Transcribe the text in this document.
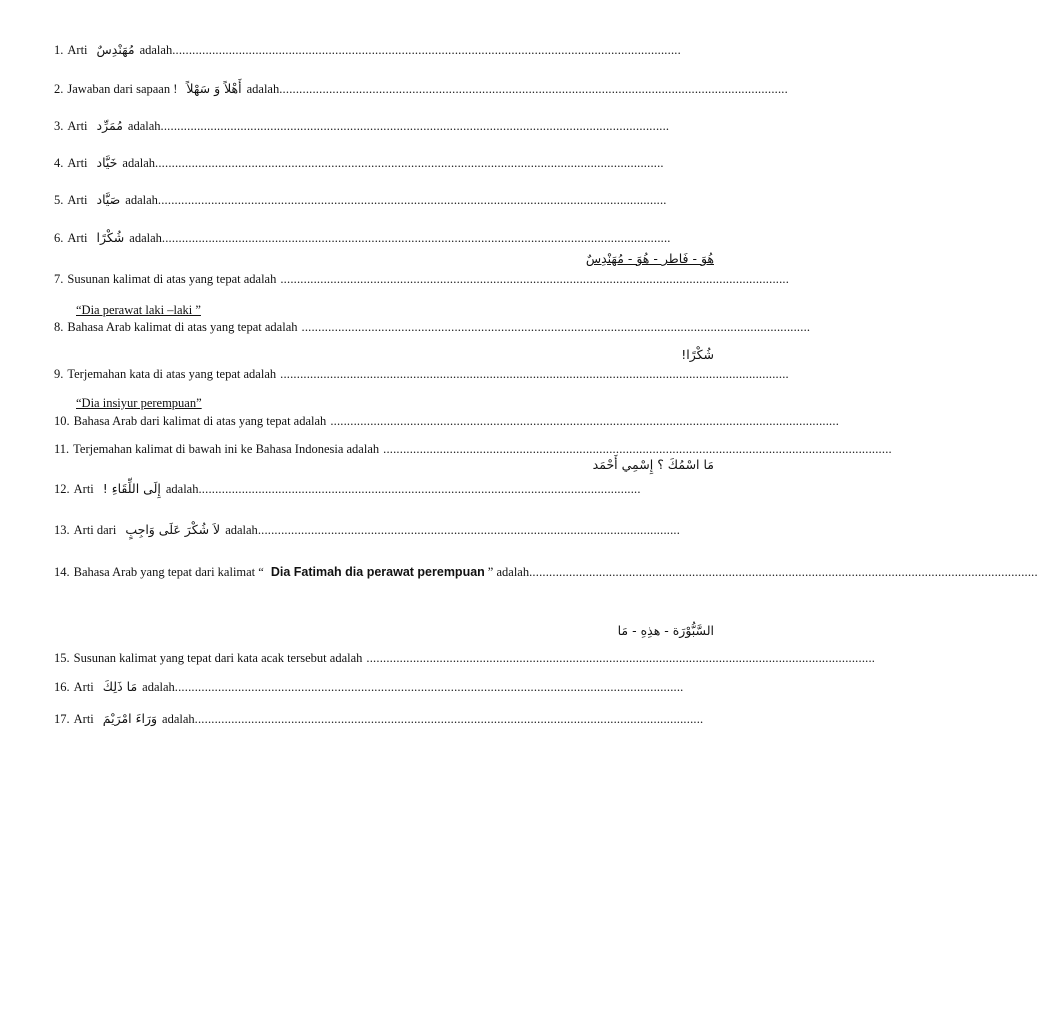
1. Arti مُهَنْدِسٌ adalah .........................................................................................................................................................
2. Jawaban dari sapaan ! أَهْلاً وَ سَهْلاً adalah .........................................................................................................................................................
3. Arti مُمَرِّد adalah .........................................................................................................................................................
4. Arti خَيَّاد adalah .........................................................................................................................................................
5. Arti صَيَّاد adalah .........................................................................................................................................................
6. Arti شُكْرًا adalah .........................................................................................................................................................
هُوَ - فَاطر - هُوَ - مُهَنْدِسٌ
7. Susunan kalimat di atas yang tepat adalah .........................................................................................................................................................
“Dia perawat laki –laki ”
8. Bahasa Arab kalimat di atas yang tepat adalah .........................................................................................................................................................
شُكْرًا!
9. Terjemahan kata di atas yang tepat adalah .........................................................................................................................................................
“Dia insiyur perempuan”
10. Bahasa Arab dari kalimat di atas yang tepat adalah .........................................................................................................................................................
11. Terjemahan kalimat di bawah ini ke Bahasa Indonesia adalah .........................................................................................................................................................
مَا اسْمُكَ ؟ إِسْمِي أَحْمَد
12. Arti إِلَى اللِّقَاءِ ! adalah .....................................................................................................................................
13. Arti dari لاَ شُكْرَ عَلَى وَاجِبٍ adalah ...............................................................................................................................
14. Bahasa Arab yang tepat dari kalimat “ Dia Fatimah dia perawat perempuan ” adalah .........................................................................................................................................................
السَّبُّوْرَة - هذِهِ - مَا
15. Susunan kalimat yang tepat dari kata acak tersebut adalah .........................................................................................................................................................
16. Arti مَا ذَلِكَ adalah .........................................................................................................................................................
17. Arti وَرَاءَ امْرَيْمَ adalah .........................................................................................................................................................
